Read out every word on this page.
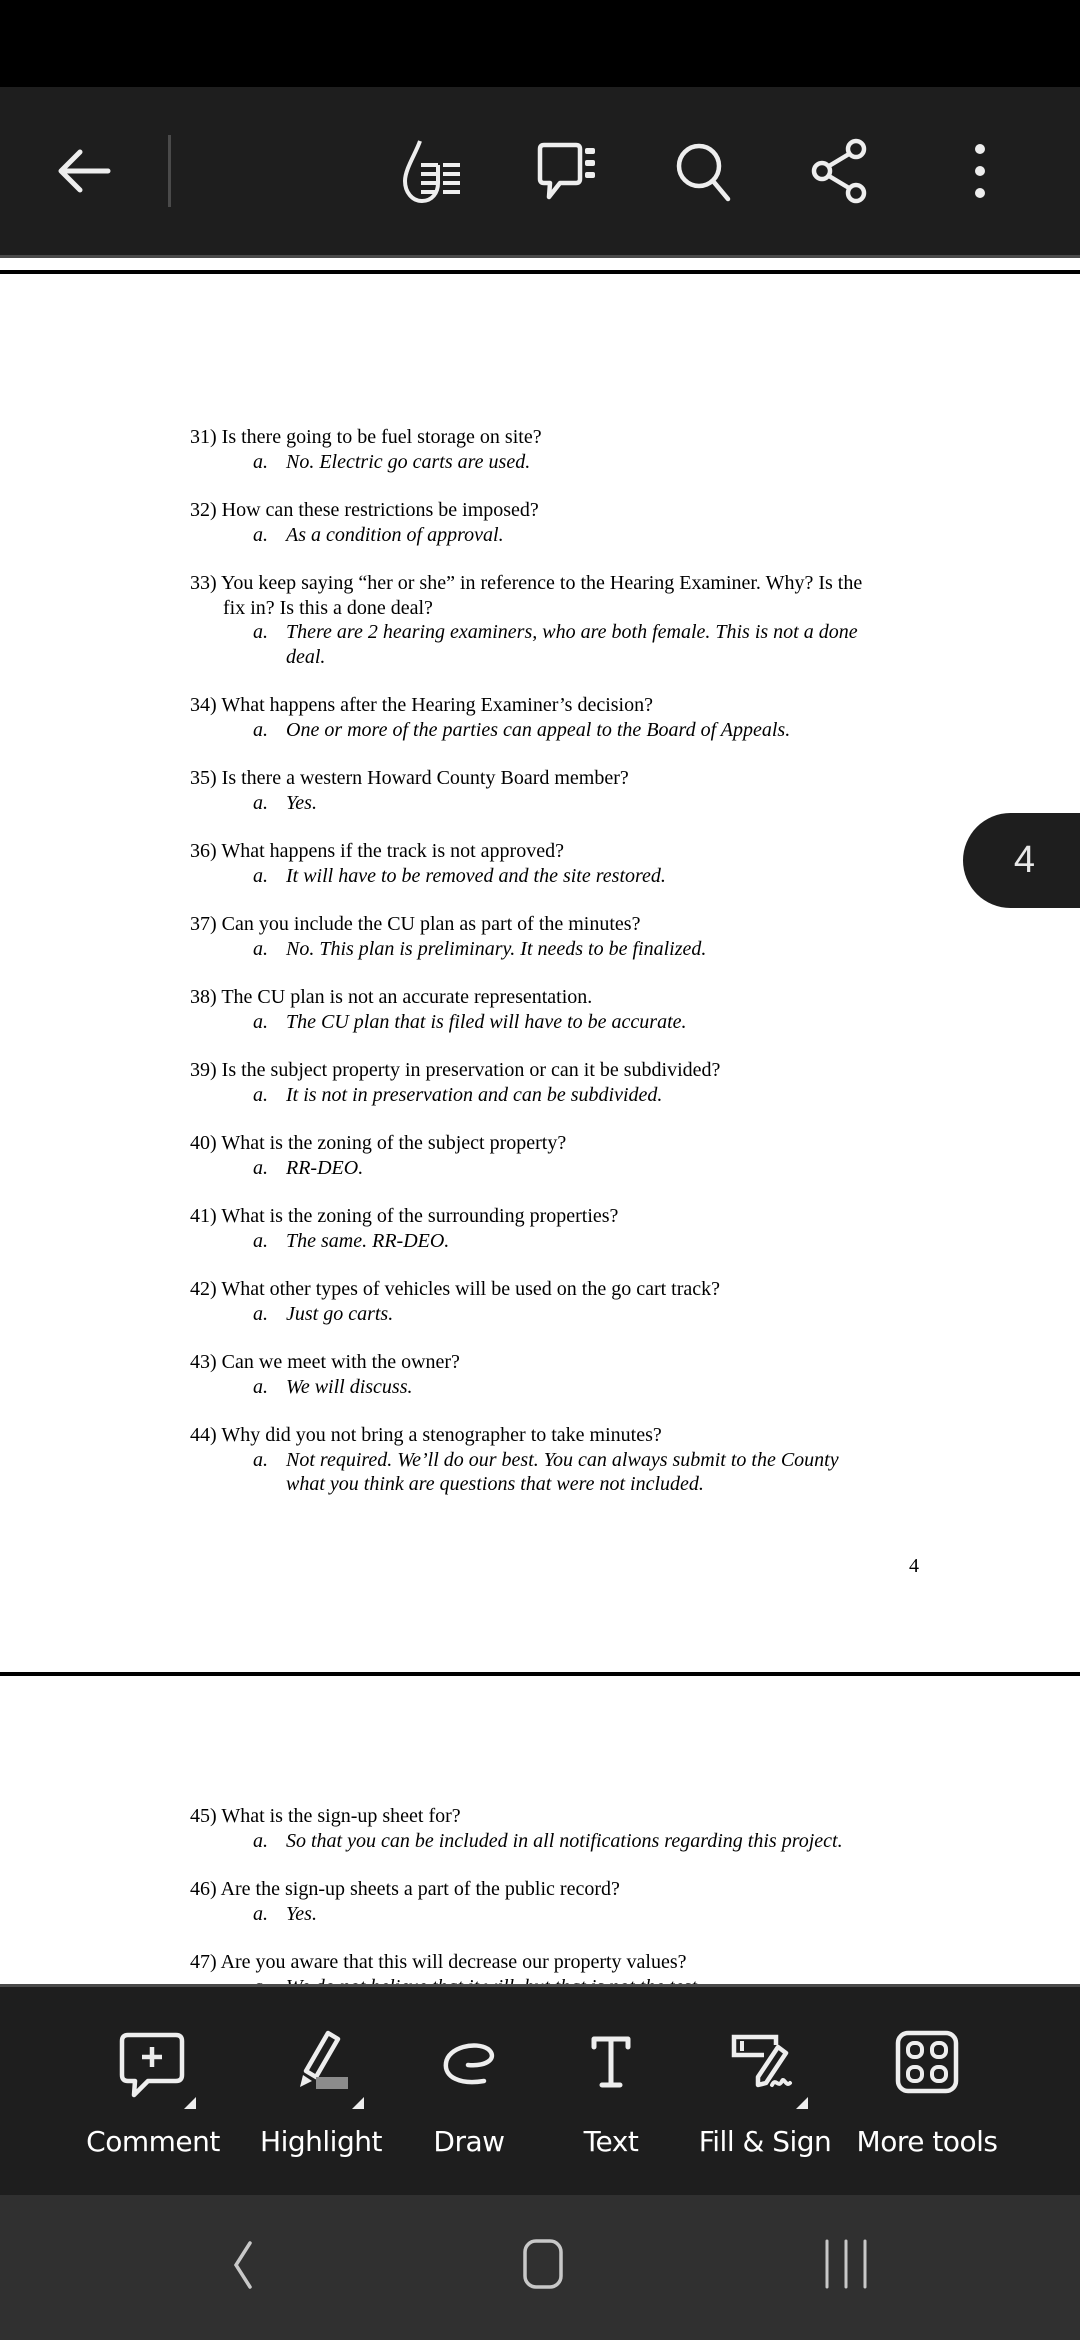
31) Is there going to be fuel storage on site?
a. No. Electric go carts are used.
32) How can these restrictions be imposed?
a. As a condition of approval.
33) You keep saying “her or she” in reference to the Hearing Examiner. Why? Is the
fix in? Is this a done deal?
a. There are 2 hearing examiners, who are both female. This is not a done
deal.
34) What happens after the Hearing Examiner’s decision?
a. One or more of the parties can appeal to the Board of Appeals.
35) Is there a western Howard County Board member?
a. Yes.
36) What happens if the track is not approved?
a. It will have to be removed and the site restored.
37) Can you include the CU plan as part of the minutes?
a. No. This plan is preliminary. It needs to be finalized.
38) The CU plan is not an accurate representation.
a. The CU plan that is filed will have to be accurate.
39) Is the subject property in preservation or can it be subdivided?
a. It is not in preservation and can be subdivided.
40) What is the zoning of the subject property?
a. RR-DEO.
41) What is the zoning of the surrounding properties?
a. The same. RR-DEO.
42) What other types of vehicles will be used on the go cart track?
a. Just go carts.
43) Can we meet with the owner?
a. We will discuss.
44) Why did you not bring a stenographer to take minutes?
a. Not required. We’ll do our best. You can always submit to the County
what you think are questions that were not included.
4
45) What is the sign-up sheet for?
a. So that you can be included in all notifications regarding this project.
46) Are the sign-up sheets a part of the public record?
a. Yes.
47) Are you aware that this will decrease our property values?
4
Comment Highlight Draw	Text Fill & Sign More tools
